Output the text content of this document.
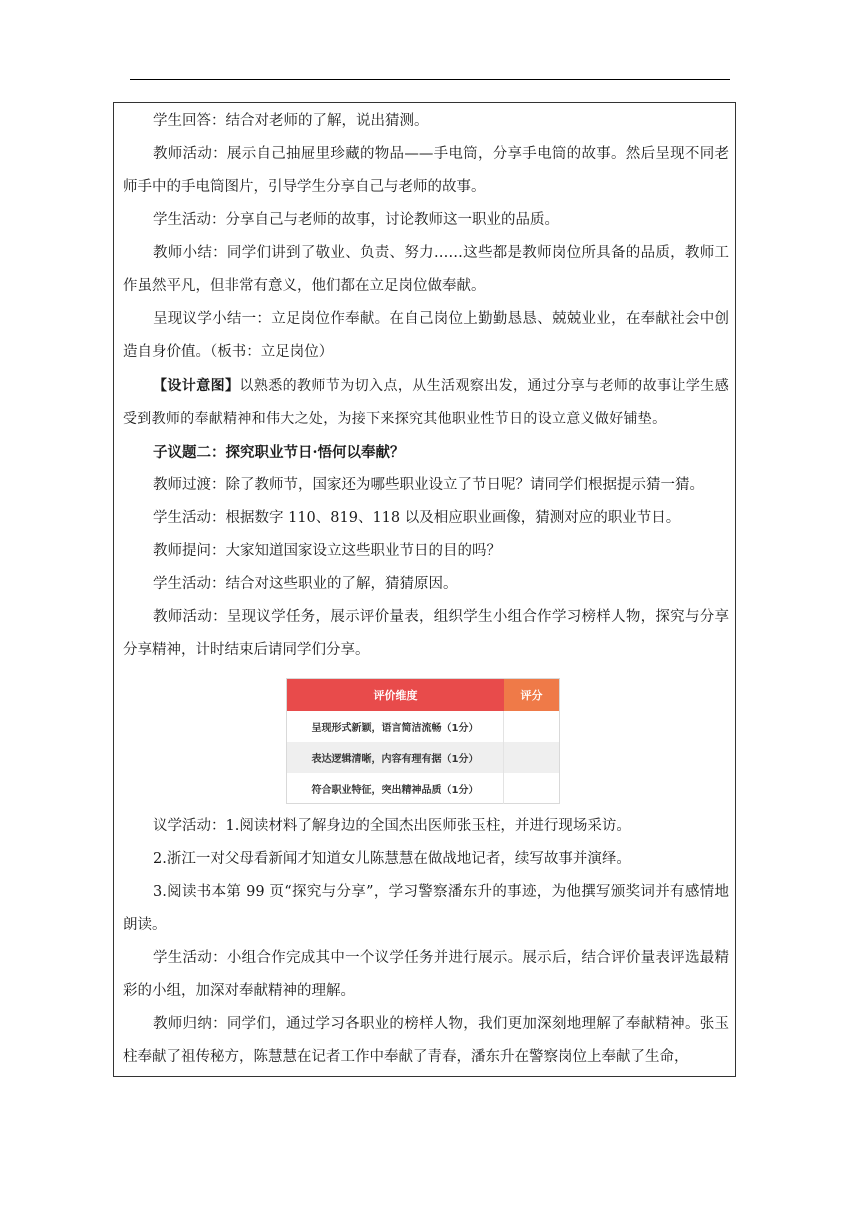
学生回答：结合对老师的了解，说出猜测。

教师活动：展示自己抽屉里珍藏的物品——手电筒，分享手电筒的故事。然后呈现不同老师手中的手电筒图片，引导学生分享自己与老师的故事。

学生活动：分享自己与老师的故事，讨论教师这一职业的品质。

教师小结：同学们讲到了敬业、负责、努力……这些都是教师岗位所具备的品质，教师工作虽然平凡，但非常有意义，他们都在立足岗位做奉献。

呈现议学小结一：立足岗位作奉献。在自己岗位上勤勤恳恳、兢兢业业，在奉献社会中创造自身价值。（板书：立足岗位）

【设计意图】以熟悉的教师节为切入点，从生活观察出发，通过分享与老师的故事让学生感受到教师的奉献精神和伟大之处，为接下来探究其他职业性节日的设立意义做好铺垫。

子议题二：探究职业节日·悟何以奉献？

教师过渡：除了教师节，国家还为哪些职业设立了节日呢？请同学们根据提示猜一猜。

学生活动：根据数字 110、819、118 以及相应职业画像，猜测对应的职业节日。

教师提问：大家知道国家设立这些职业节日的目的吗？

学生活动：结合对这些职业的了解，猜猜原因。

教师活动：呈现议学任务，展示评价量表，组织学生小组合作学习榜样人物，探究与分享分享精神，计时结束后请同学们分享。

评价维度	评分
呈现形式新颖，语言简洁流畅（1分）
表达逻辑清晰，内容有理有据（1分）
符合职业特征，突出精神品质（1分）

议学活动：1.阅读材料了解身边的全国杰出医师张玉柱，并进行现场采访。

2.浙江一对父母看新闻才知道女儿陈慧慧在做战地记者，续写故事并演绎。

3.阅读书本第 99 页“探究与分享”，学习警察潘东升的事迹，为他撰写颁奖词并有感情地朗读。

学生活动：小组合作完成其中一个议学任务并进行展示。展示后，结合评价量表评选最精彩的小组，加深对奉献精神的理解。

教师归纳：同学们，通过学习各职业的榜样人物，我们更加深刻地理解了奉献精神。张玉柱奉献了祖传秘方，陈慧慧在记者工作中奉献了青春，潘东升在警察岗位上奉献了生命，
